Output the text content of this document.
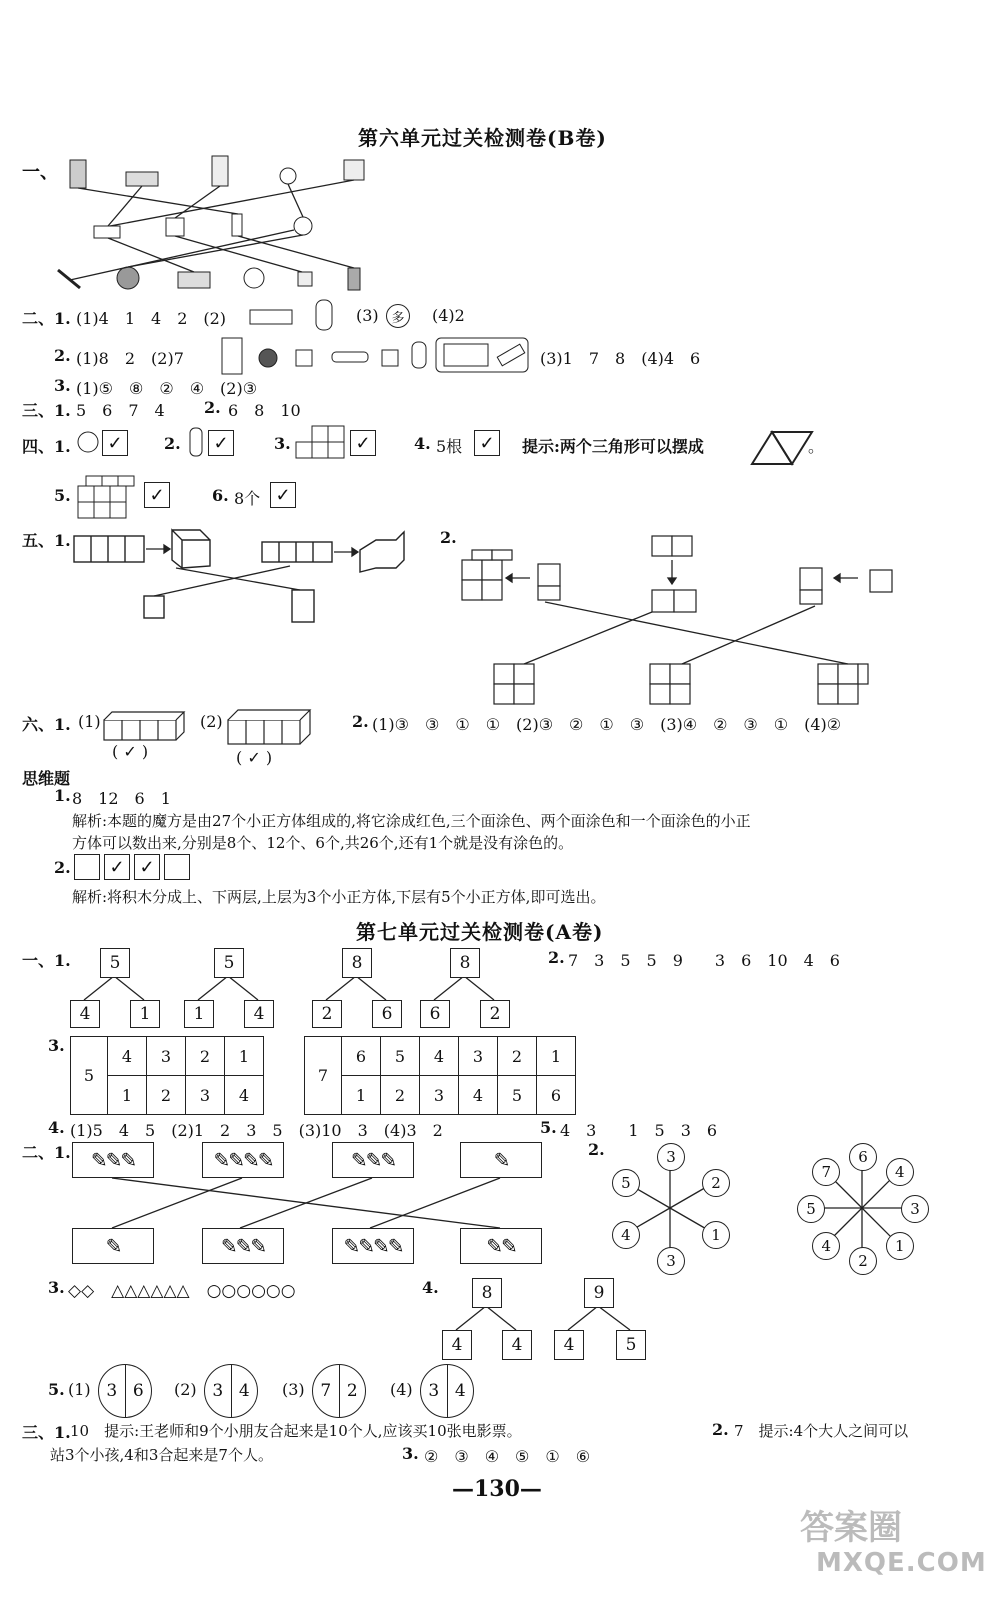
第六单元过关检测卷(B卷)
一、
二、1. (1)4　1　4　2　(2)	(3) 多	(4)2
2. (1)8　2　(2)7	(3)1　7　8　(4)4　6
3. (1)⑤　⑧　②　④　(2)③
三、1. 5　6　7　4 2. 6　8　10
四、1.	✓	2.	✓	3.	✓	4. 5根 ✓	提示:两个三角形可以摆成	。
5.	✓	6. 8个 ✓
五、1.	2.
六、1. (1)	(2)
( ✓ )	( ✓ )
2. (1)③　③　①　①　(2)③　②　①　③　(3)④　②　③　①　(4)②
思维题
1. 8　12　6　1
解析:本题的魔方是由27个小正方体组成的,将它涂成红色,三个面涂色、两个面涂色和一个面涂色的小正
方体可以数出来,分别是8个、12个、6个,共26个,还有1个就是没有涂色的。
2.	✓ ✓
解析:将积木分成上、下两层,上层为3个小正方体,下层有5个小正方体,即可选出。
第七单元过关检测卷(A卷)
一、1.	5
4	1
5
1	4
8
2	6
8
6	2
2. 7　3　5　5　9　　3　6　10　4　6
3.
5	4	3	2	1
	1	2	3	4
7	6	5	4	3	2	1
	1	2	3	4	5	6
4. (1)5　4　5　(2)1　2　3　5　(3)10　3　(4)3　2	5. 4　3　　1　5　3　6
二、1.	✎✎✎	✎✎✎✎	✎✎✎	✎
✎	✎✎✎	✎✎✎✎	✎✎
2.	3
2
1
3
4
5
6
4
3
1
2
4
5
7
3. ◇◇　△△△△△△　○○○○○○	4.	8
4	4
9
4	5
5. (1) 3 6	(2) 3 4	(3) 7 2	(4) 3 4
三、1. 10　提示:王老师和9个小朋友合起来是10个人,应该买10张电影票。	2. 7　提示:4个大人之间可以
站3个小孩,4和3合起来是7个人。	3. ②　③　④　⑤　①　⑥
—130—
答案圈
MXQE.COM
